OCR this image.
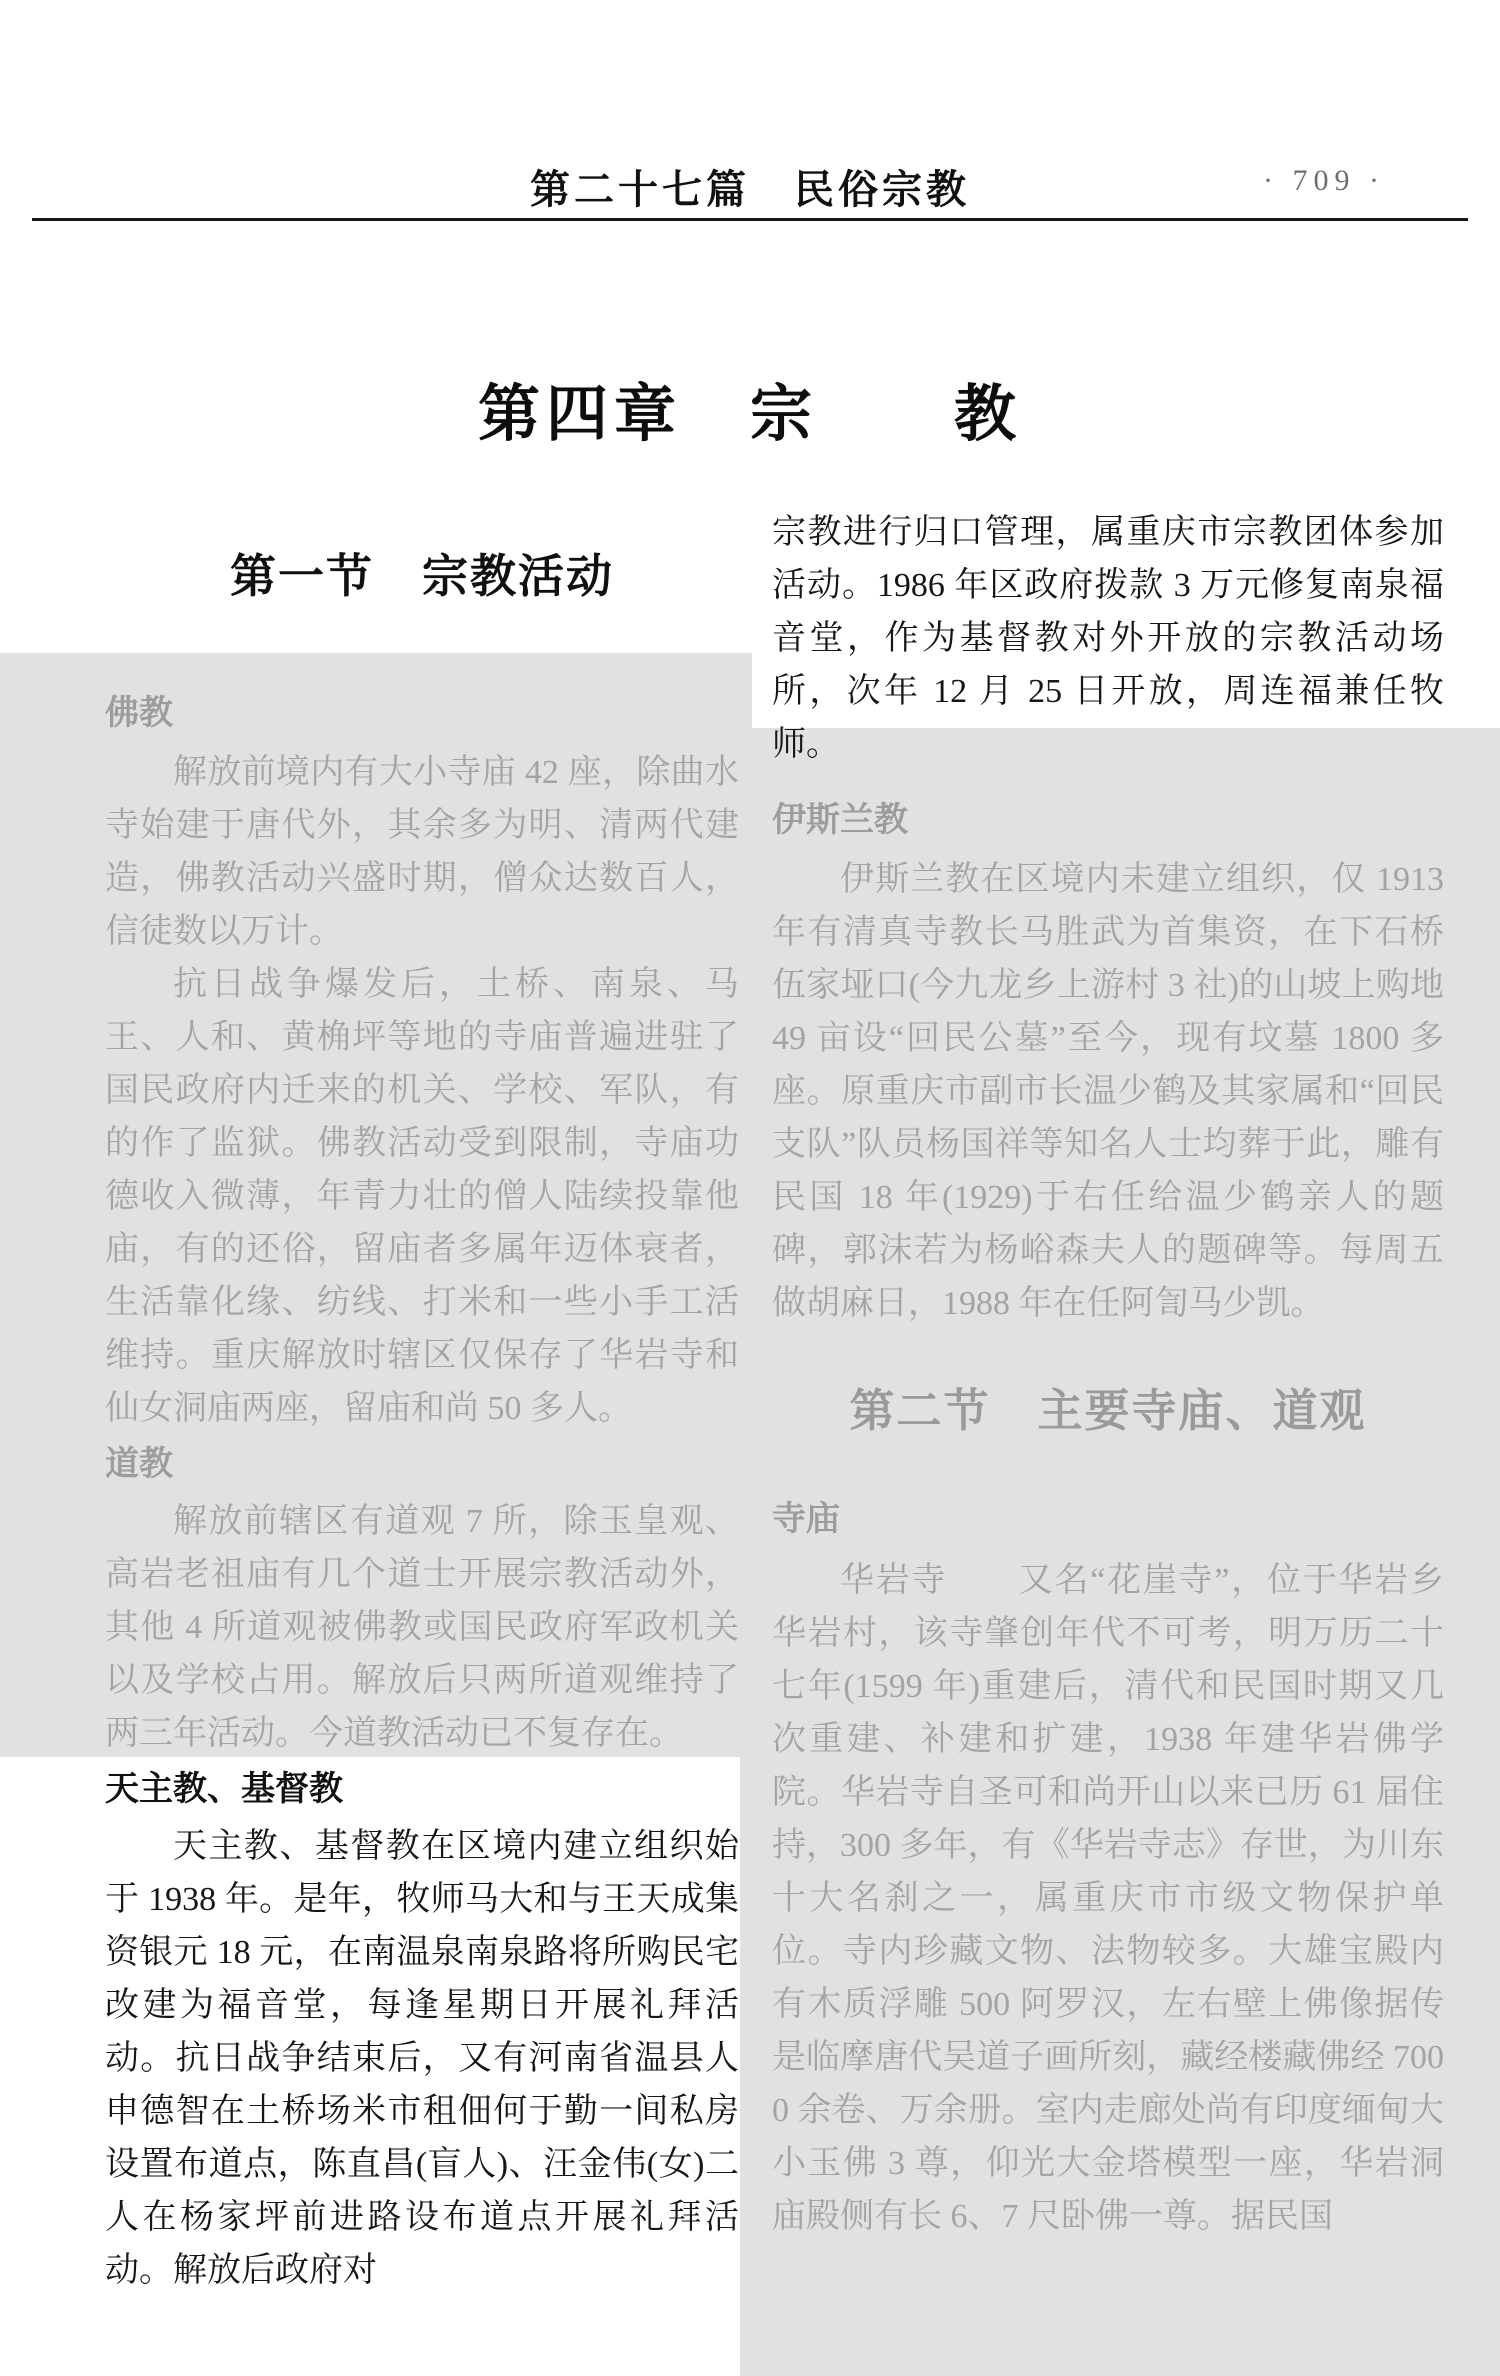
第二十七篇　民俗宗教	· 709 ·
第四章　宗　　教
第一节　宗教活动
佛教

解放前境内有大小寺庙 42 座，除曲水寺始建于唐代外，其余多为明、清两代建造，佛教活动兴盛时期，僧众达数百人，信徒数以万计。

抗日战争爆发后，土桥、南泉、马王、人和、黄桷坪等地的寺庙普遍进驻了国民政府内迁来的机关、学校、军队，有的作了监狱。佛教活动受到限制，寺庙功德收入微薄，年青力壮的僧人陆续投靠他庙，有的还俗，留庙者多属年迈体衰者，生活靠化缘、纺线、打米和一些小手工活维持。重庆解放时辖区仅保存了华岩寺和仙女洞庙两座，留庙和尚 50 多人。

道教

解放前辖区有道观 7 所，除玉皇观、高岩老祖庙有几个道士开展宗教活动外，其他 4 所道观被佛教或国民政府军政机关以及学校占用。解放后只两所道观维持了两三年活动。今道教活动已不复存在。

天主教、基督教

天主教、基督教在区境内建立组织始于 1938 年。是年，牧师马大和与王天成集资银元 18 元，在南温泉南泉路将所购民宅改建为福音堂，每逢星期日开展礼拜活动。抗日战争结束后，又有河南省温县人申德智在土桥场米市租佃何于勤一间私房设置布道点，陈直昌(盲人)、汪金伟(女)二人在杨家坪前进路设布道点开展礼拜活动。解放后政府对

宗教进行归口管理，属重庆市宗教团体参加活动。1986 年区政府拨款 3 万元修复南泉福音堂，作为基督教对外开放的宗教活动场所，次年 12 月 25 日开放，周连福兼任牧师。

伊斯兰教

伊斯兰教在区境内未建立组织，仅 1913 年有清真寺教长马胜武为首集资，在下石桥伍家垭口(今九龙乡上游村 3 社)的山坡上购地 49 亩设“回民公墓”至今，现有坟墓 1800 多座。原重庆市副市长温少鹤及其家属和“回民支队”队员杨国祥等知名人士均葬于此，雕有民国 18 年(1929)于右任给温少鹤亲人的题碑，郭沫若为杨峪森夫人的题碑等。每周五做胡麻日，1988 年在任阿訇马少凯。

第二节　主要寺庙、道观
寺庙

华岩寺　　又名“花崖寺”，位于华岩乡华岩村，该寺肇创年代不可考，明万历二十七年(1599 年)重建后，清代和民国时期又几次重建、补建和扩建，1938 年建华岩佛学院。华岩寺自圣可和尚开山以来已历 61 届住持，300 多年，有《华岩寺志》存世，为川东十大名刹之一，属重庆市市级文物保护单位。寺内珍藏文物、法物较多。大雄宝殿内有木质浮雕 500 阿罗汉，左右壁上佛像据传是临摩唐代吴道子画所刻，藏经楼藏佛经 7000 余卷、万余册。室内走廊处尚有印度缅甸大小玉佛 3 尊，仰光大金塔模型一座，华岩洞庙殿侧有长 6、7 尺卧佛一尊。据民国
